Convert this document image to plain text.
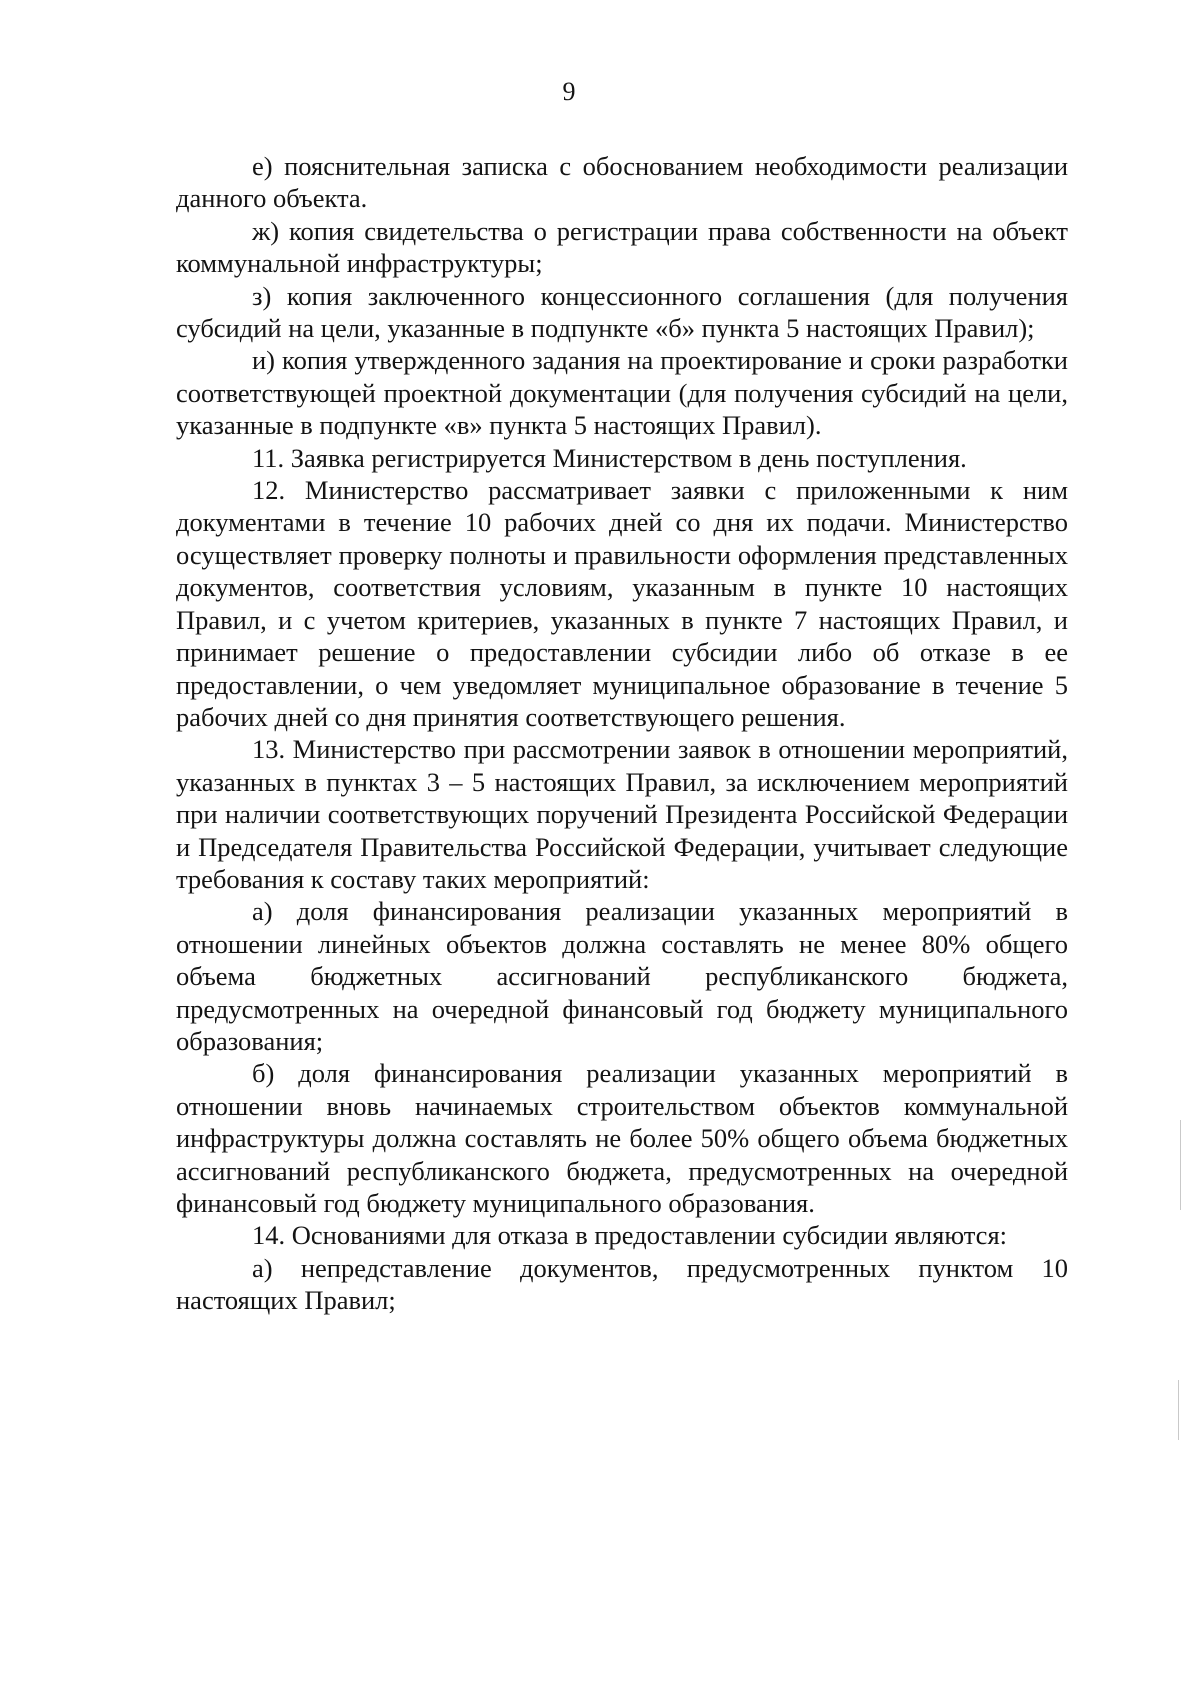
9

е) пояснительная записка с обоснованием необходимости реализации данного объекта.

ж) копия свидетельства о регистрации права собственности на объект коммунальной инфраструктуры;

з) копия заключенного концессионного соглашения (для получения субсидий на цели, указанные в подпункте «б» пункта 5 настоящих Правил);

и) копия утвержденного задания на проектирование и сроки разработки соответствующей проектной документации (для получения субсидий на цели, указанные в подпункте «в» пункта 5 настоящих Правил).

11. Заявка регистрируется Министерством в день поступления.

12. Министерство рассматривает заявки с приложенными к ним документами в течение 10 рабочих дней со дня их подачи. Министерство осуществляет проверку полноты и правильности оформления представленных документов, соответствия условиям, указанным в пункте 10 настоящих Правил, и с учетом критериев, указанных в пункте 7 настоящих Правил, и принимает решение о предоставлении субсидии либо об отказе в ее предоставлении, о чем уведомляет муниципальное образование в течение 5 рабочих дней со дня принятия соответствующего решения.

13. Министерство при рассмотрении заявок в отношении мероприятий, указанных в пунктах 3 – 5 настоящих Правил, за исключением мероприятий при наличии соответствующих поручений Президента Российской Федерации и Председателя Правительства Российской Федерации, учитывает следующие требования к составу таких мероприятий:

а) доля финансирования реализации указанных мероприятий в отношении линейных объектов должна составлять не менее 80% общего объема бюджетных ассигнований республиканского бюджета, предусмотренных на очередной финансовый год бюджету муниципального образования;

б) доля финансирования реализации указанных мероприятий в отношении вновь начинаемых строительством объектов коммунальной инфраструктуры должна составлять не более 50% общего объема бюджетных ассигнований республиканского бюджета, предусмотренных на очередной финансовый год бюджету муниципального образования.

14. Основаниями для отказа в предоставлении субсидии являются:

а) непредставление документов, предусмотренных пунктом 10 настоящих Правил;
